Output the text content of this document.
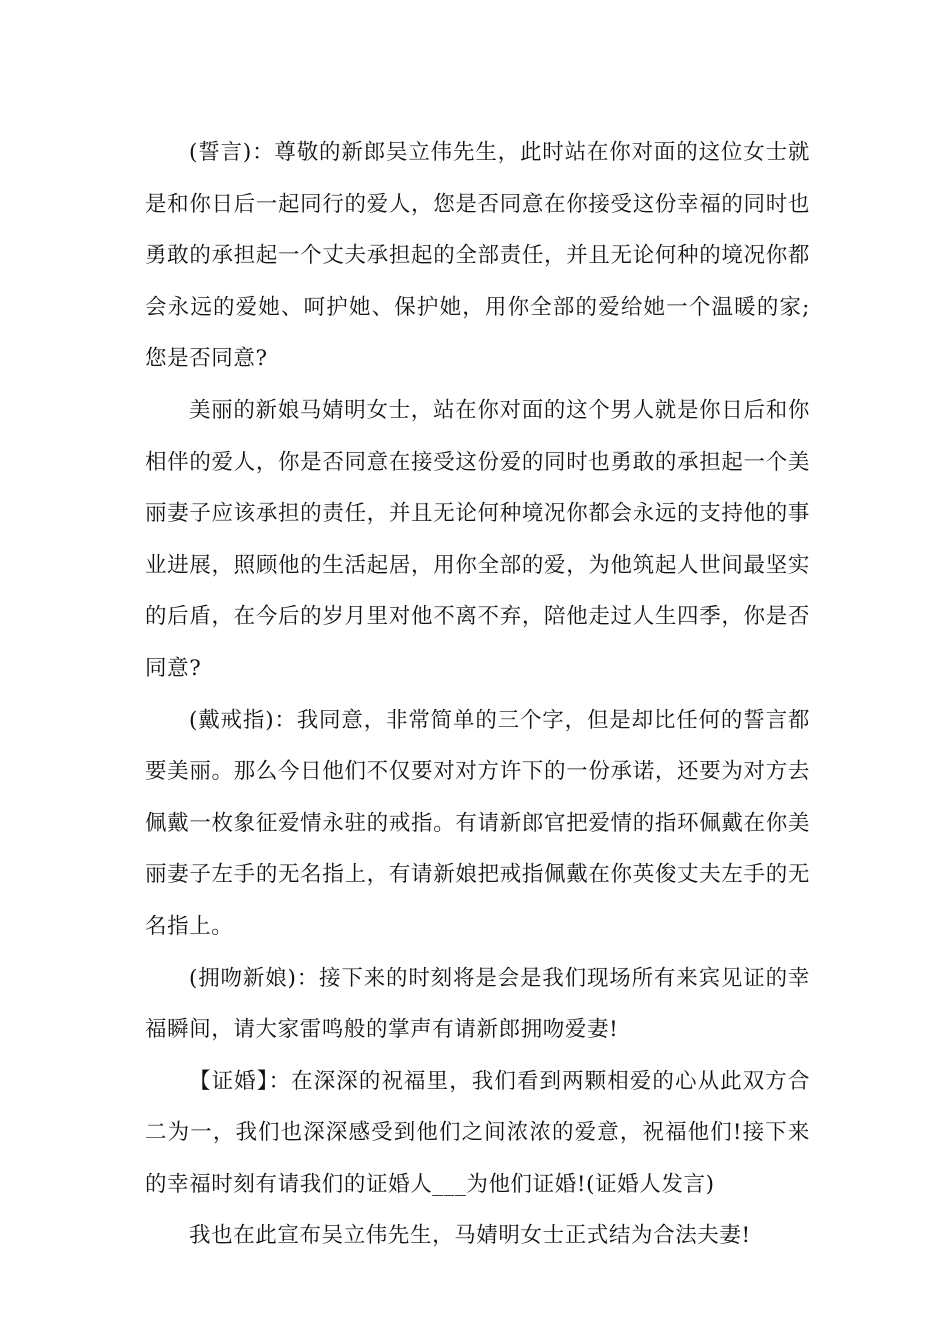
(誓言)：尊敬的新郎吴立伟先生，此时站在你对面的这位女士就是和你日后一起同行的爱人，您是否同意在你接受这份幸福的同时也勇敢的承担起一个丈夫承担起的全部责任，并且无论何种的境况你都会永远的爱她、呵护她、保护她，用你全部的爱给她一个温暖的家;您是否同意?

美丽的新娘马婧明女士，站在你对面的这个男人就是你日后和你相伴的爱人，你是否同意在接受这份爱的同时也勇敢的承担起一个美丽妻子应该承担的责任，并且无论何种境况你都会永远的支持他的事业进展，照顾他的生活起居，用你全部的爱，为他筑起人世间最坚实的后盾，在今后的岁月里对他不离不弃，陪他走过人生四季，你是否同意?

(戴戒指)：我同意，非常简单的三个字，但是却比任何的誓言都要美丽。那么今日他们不仅要对对方许下的一份承诺，还要为对方去佩戴一枚象征爱情永驻的戒指。有请新郎官把爱情的指环佩戴在你美丽妻子左手的无名指上，有请新娘把戒指佩戴在你英俊丈夫左手的无名指上。

(拥吻新娘)：接下来的时刻将是会是我们现场所有来宾见证的幸福瞬间，请大家雷鸣般的掌声有请新郎拥吻爱妻!

【证婚】：在深深的祝福里，我们看到两颗相爱的心从此双方合二为一，我们也深深感受到他们之间浓浓的爱意，祝福他们!接下来的幸福时刻有请我们的证婚人___为他们证婚!(证婚人发言)

我也在此宣布吴立伟先生，马婧明女士正式结为合法夫妻!
